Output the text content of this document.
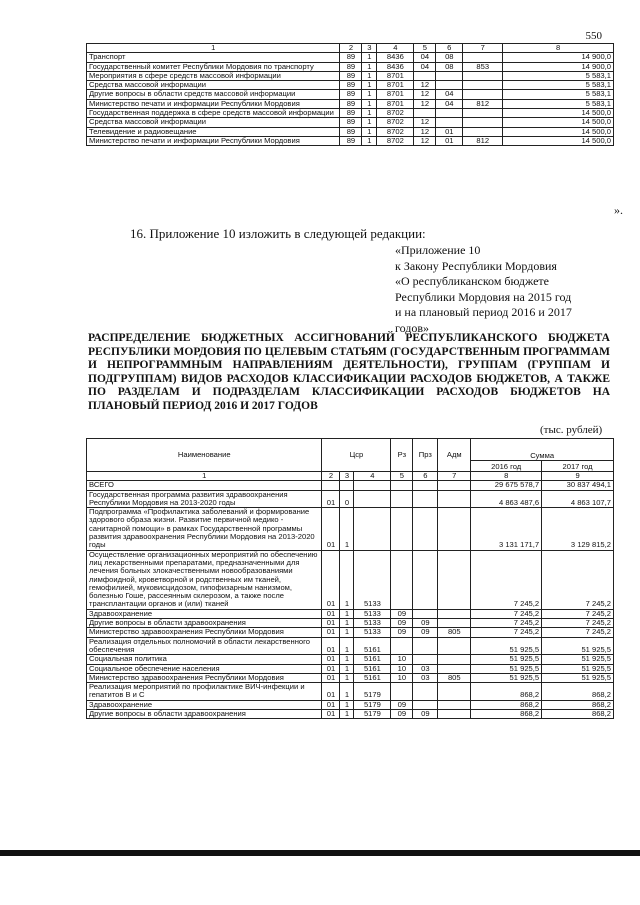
550
1	2	3	4	5	6	7	8
Транспорт	89	1	8436	04	08		14 900,0
Государственный комитет Республики Мордовия по транспорту	89	1	8436	04	08	853	14 900,0
Мероприятия в сфере средств массовой информации	89	1	8701				5 583,1
Средства массовой информации	89	1	8701	12			5 583,1
Другие вопросы в области средств массовой информации	89	1	8701	12	04		5 583,1
Министерство печати и информации Республики Мордовия	89	1	8701	12	04	812	5 583,1
Государственная поддержка в сфере средств массовой информации	89	1	8702				14 500,0
Средства массовой информации	89	1	8702	12			14 500,0
Телевидение и радиовещание	89	1	8702	12	01		14 500,0
Министерство печати и информации Республики Мордовия	89	1	8702	12	01	812	14 500,0
».
16. Приложение 10 изложить в следующей редакции:
«Приложение 10
к Закону Республики Мордовия
«О республиканском бюджете
Республики Мордовия на 2015 год
и на плановый период 2016 и 2017
годов»
РАСПРЕДЕЛЕНИЕ БЮДЖЕТНЫХ АССИГНОВАНИЙ РЕСПУБЛИКАНСКОГО БЮДЖЕТА РЕСПУБЛИКИ МОРДОВИЯ ПО ЦЕЛЕВЫМ СТАТЬЯМ (ГОСУДАРСТВЕННЫМ ПРОГРАММАМ И НЕПРОГРАММНЫМ НАПРАВЛЕНИЯМ ДЕЯТЕЛЬНОСТИ), ГРУППАМ (ГРУППАМ И ПОДГРУППАМ) ВИДОВ РАСХОДОВ КЛАССИФИКАЦИИ РАСХОДОВ БЮДЖЕТОВ, А ТАКЖЕ ПО РАЗДЕЛАМ И ПОДРАЗДЕЛАМ КЛАССИФИКАЦИИ РАСХОДОВ БЮДЖЕТОВ НА ПЛАНОВЫЙ ПЕРИОД 2016 И 2017 ГОДОВ
(тыс. рублей)
Наименование	Цср			Рз	Прз	Адм	Сумма	
							2016 год	2017 год
1	2	3	4	5	6	7	8	9
ВСЕГО							29 675 578,7	30 837 494,1
Государственная программа развития здравоохранения Республики Мордовия на 2013-2020 годы	01	0					4 863 487,6	4 863 107,7
Подпрограмма «Профилактика заболеваний и формирование здорового образа жизни. Развитие первичной медико - санитарной помощи» в рамках Государственной программы развития здравоохранения Республики Мордовия на 2013-2020 годы	01	1					3 131 171,7	3 129 815,2
Осуществление организационных мероприятий по обеспечению лиц лекарственными препаратами, предназначенными для лечения больных злокачественными новообразованиями лимфоидной, кроветворной и родственных им тканей, гемофилией, муковисцидозом, гипофизарным нанизмом, болезнью Гоше, рассеянным склерозом, а также после трансплантации органов и (или) тканей	01	1	5133				7 245,2	7 245,2
Здравоохранение	01	1	5133	09			7 245,2	7 245,2
Другие вопросы в области здравоохранения	01	1	5133	09	09		7 245,2	7 245,2
Министерство здравоохранения Республики Мордовия	01	1	5133	09	09	805	7 245,2	7 245,2
Реализация отдельных полномочий в области лекарственного обеспечения	01	1	5161				51 925,5	51 925,5
Социальная политика	01	1	5161	10			51 925,5	51 925,5
Социальное обеспечение населения	01	1	5161	10	03		51 925,5	51 925,5
Министерство здравоохранения Республики Мордовия	01	1	5161	10	03	805	51 925,5	51 925,5
Реализация мероприятий по профилактике ВИЧ-инфекции и гепатитов В и С	01	1	5179				868,2	868,2
Здравоохранение	01	1	5179	09			868,2	868,2
Другие вопросы в области здравоохранения	01	1	5179	09	09		868,2	868,2
